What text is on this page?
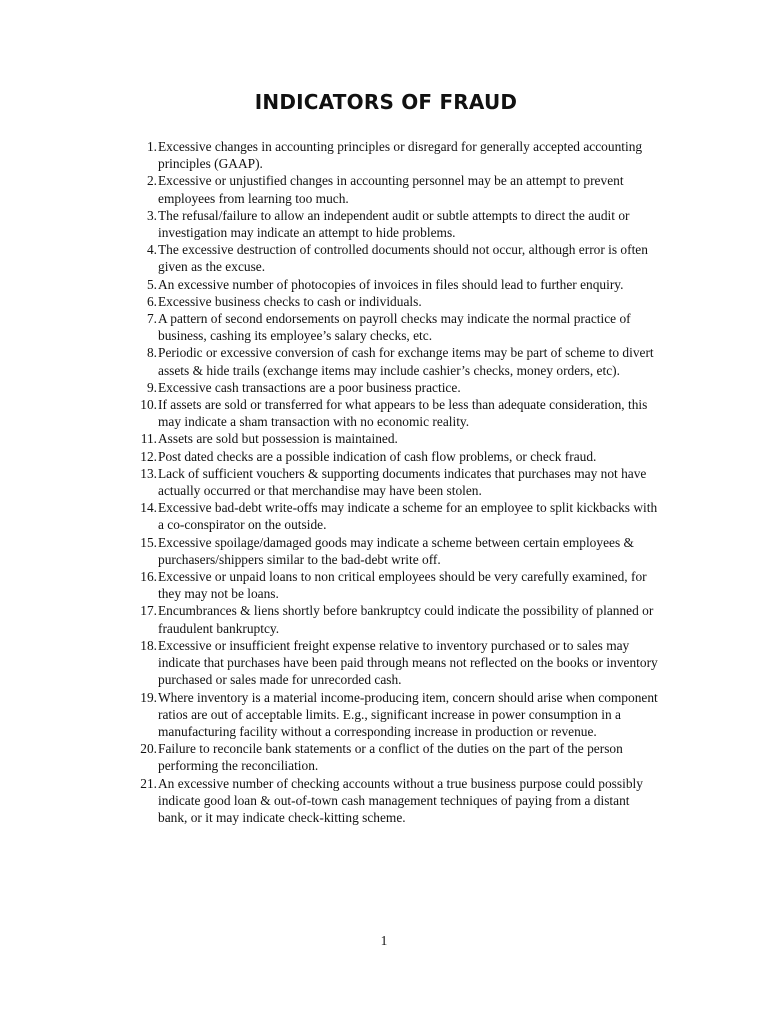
INDICATORS OF FRAUD
1. Excessive changes in accounting principles or disregard for generally accepted accounting principles (GAAP).
2. Excessive or unjustified changes in accounting personnel may be an attempt to prevent employees from learning too much.
3. The refusal/failure to allow an independent audit or subtle attempts to direct the audit or investigation may indicate an attempt to hide problems.
4. The excessive destruction of controlled documents should not occur, although error is often given as the excuse.
5. An excessive number of photocopies of invoices in files should lead to further enquiry.
6. Excessive business checks to cash or individuals.
7. A pattern of second endorsements on payroll checks may indicate the normal practice of business, cashing its employee’s salary checks, etc.
8. Periodic or excessive conversion of cash for exchange items may be part of scheme to divert assets & hide trails (exchange items may include cashier’s checks, money orders, etc).
9. Excessive cash transactions are a poor business practice.
10. If assets are sold or transferred for what appears to be less than adequate consideration, this may indicate a sham transaction with no economic reality.
11. Assets are sold but possession is maintained.
12. Post dated checks are a possible indication of cash flow problems, or check fraud.
13. Lack of sufficient vouchers & supporting documents indicates that purchases may not have actually occurred or that merchandise may have been stolen.
14. Excessive bad-debt write-offs may indicate a scheme for an employee to split kickbacks with a co-conspirator on the outside.
15. Excessive spoilage/damaged goods may indicate a scheme between certain employees & purchasers/shippers similar to the bad-debt write off.
16. Excessive or unpaid loans to non critical employees should be very carefully examined, for they may not be loans.
17. Encumbrances & liens shortly before bankruptcy could indicate the possibility of planned or fraudulent bankruptcy.
18. Excessive or insufficient freight expense relative to inventory purchased or to sales may indicate that purchases have been paid through means not reflected on the books or inventory purchased or sales made for unrecorded cash.
19. Where inventory is a material income-producing item, concern should arise when component ratios are out of acceptable limits. E.g., significant increase in power consumption in a manufacturing facility without a corresponding increase in production or revenue.
20. Failure to reconcile bank statements or a conflict of the duties on the part of the person performing the reconciliation.
21. An excessive number of checking accounts without a true business purpose could possibly indicate good loan & out-of-town cash management techniques of paying from a distant bank, or it may indicate check-kitting scheme.
1
